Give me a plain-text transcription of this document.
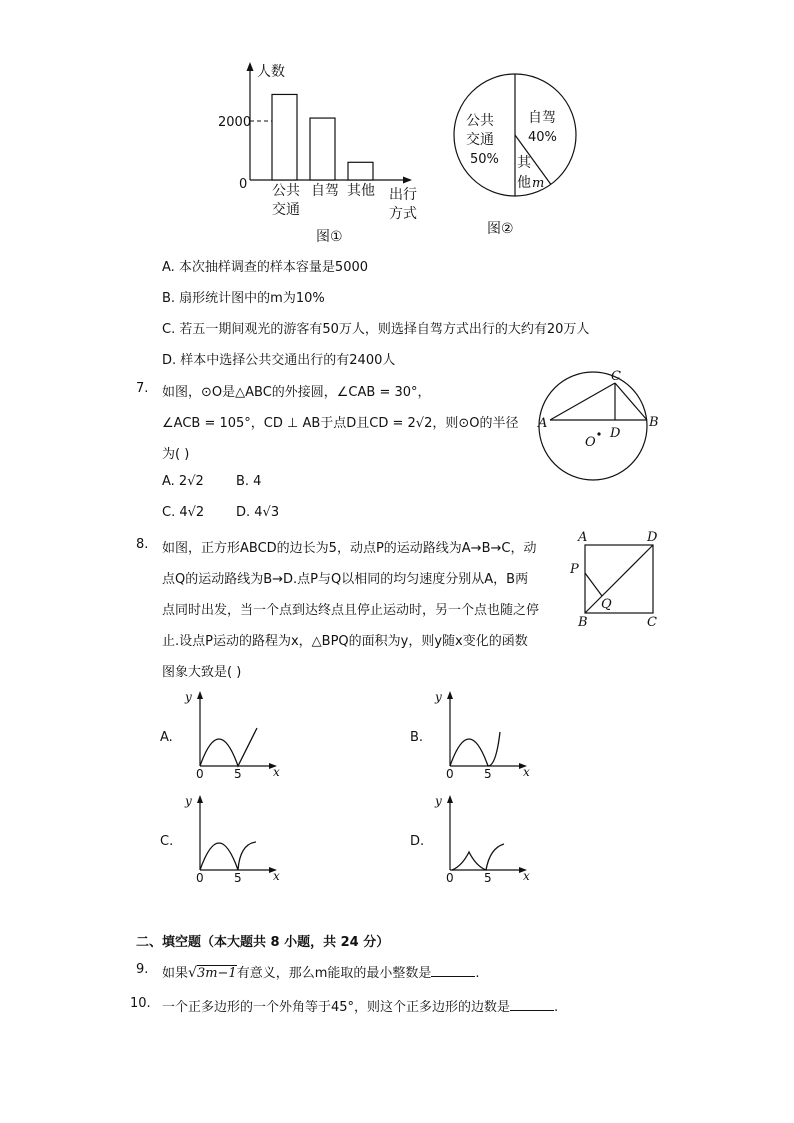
人数
2000
0 公共
交通
自驾 其他 出行
方式
图①
公共
交通
50%
自驾
40%
其
他 m
图②
A. 本次抽样调查的样本容量是5000
B. 扇形统计图中的m为10%
C. 若五一期间观光的游客有50万人，则选择自驾方式出行的大约有20万人
D. 样本中选择公共交通出行的有2400人
7. 如图，⊙O是△ABC的外接圆，∠CAB = 30°，
∠ACB = 105°，CD ⊥ AB于点D且CD = 2√2，则⊙O的半径
为( )
A. 2√2 B. 4
C. 4√2 D. 4√3
C
A	B
D
O
8. 如图，正方形ABCD的边长为5，动点P的运动路线为A→B→C，动
点Q的运动路线为B→D.点P与Q以相同的均匀速度分别从A，B两
点同时出发，当一个点到达终点且停止运动时，另一个点也随之停
止.设点P运动的路程为x，△BPQ的面积为y，则y随x变化的函数
图象大致是( )
A	D
B	C
P
Q
A.
y
0	5	x
B.
y
0	5	x
C.
y
0	5	x
D.
y
0	5	x
二、填空题（本大题共 8 小题，共 24 分）
9. 如果√3m−1有意义，那么m能取的最小整数是	.
10. 一个正多边形的一个外角等于45°，则这个正多边形的边数是	.
